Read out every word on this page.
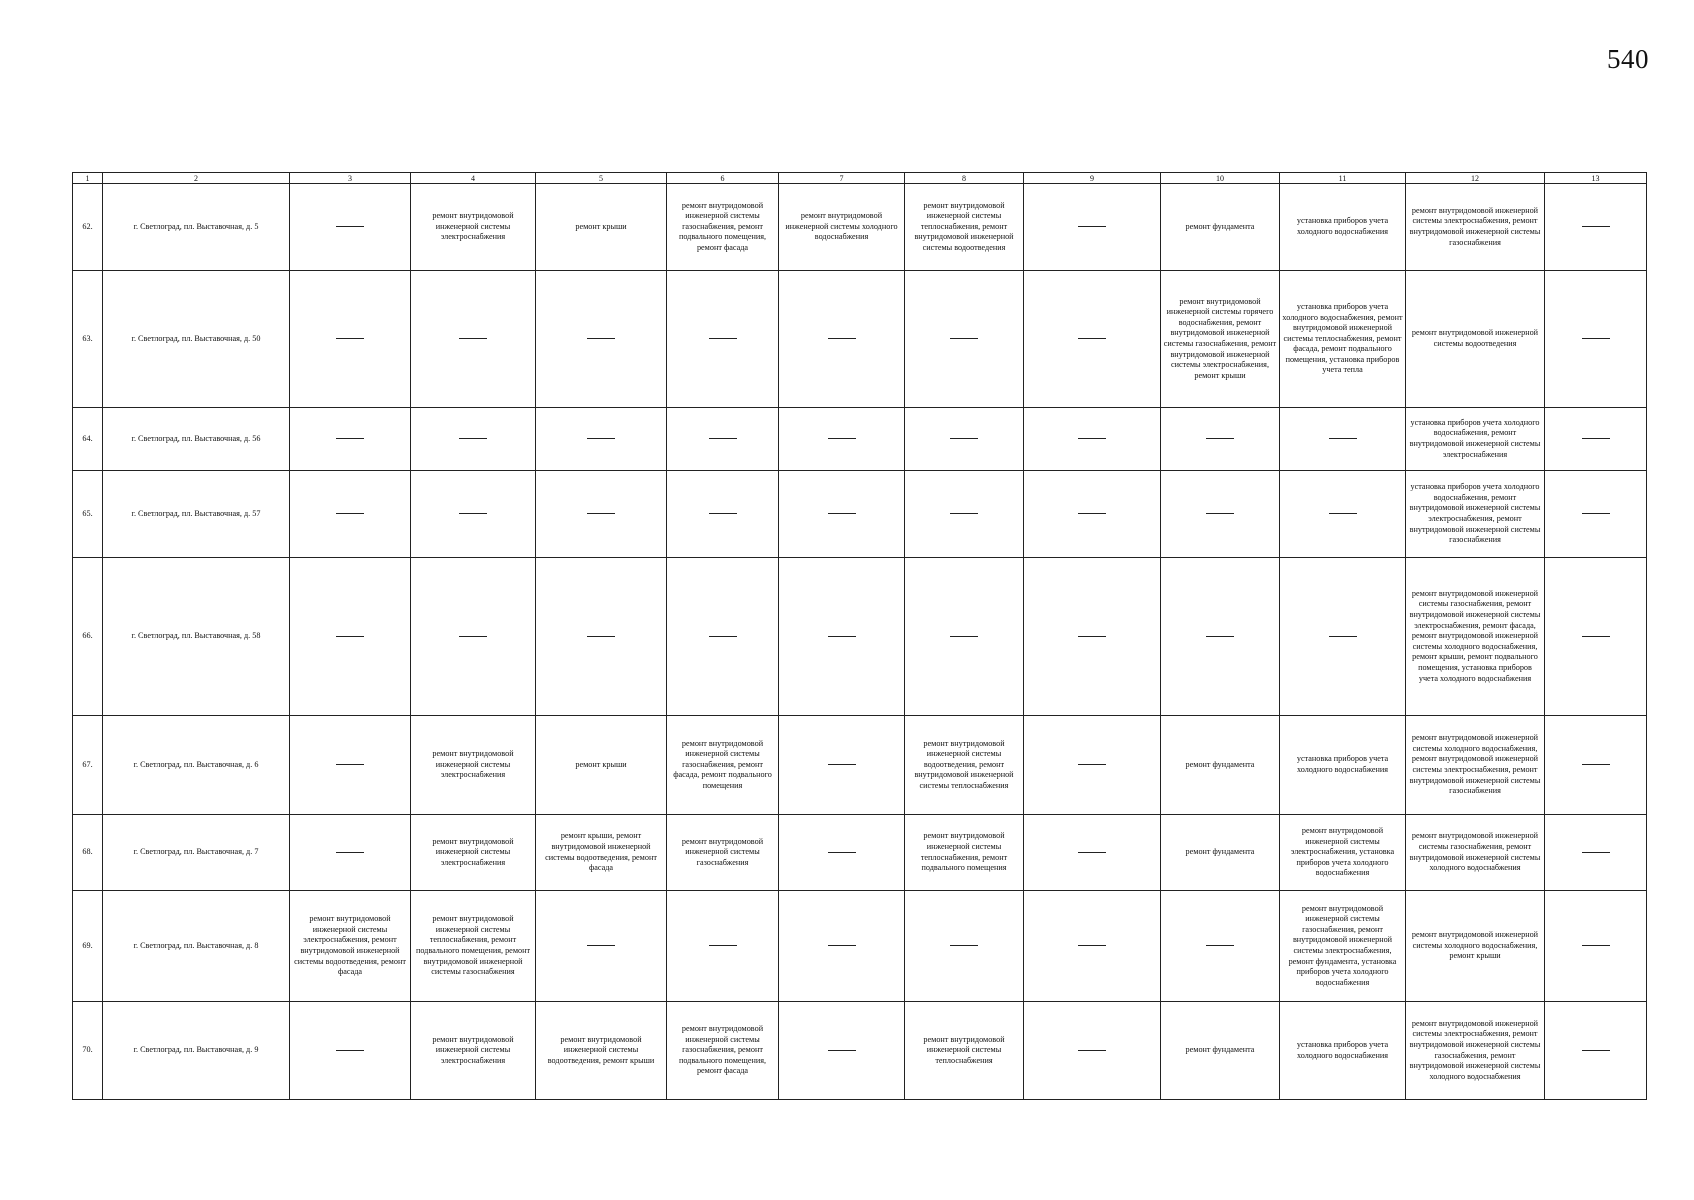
540
1	2	3	4	5	6	7	8	9	10	11	12	13
62.	г. Светлоград, пл. Выставочная, д. 5		ремонт внутридомовой инженерной системы электроснабжения	ремонт крыши	ремонт внутридомовой инженерной системы газоснабжения, ремонт подвального помещения, ремонт фасада	ремонт внутридомовой инженерной системы холодного водоснабжения	ремонт внутридомовой инженерной системы теплоснабжения, ремонт внутридомовой инженерной системы водоотведения		ремонт фундамента	установка приборов учета холодного водоснабжения	ремонт внутридомовой инженерной системы электроснабжения, ремонт внутридомовой инженерной системы газоснабжения	
63.	г. Светлоград, пл. Выставочная, д. 50								ремонт внутридомовой инженерной системы горячего водоснабжения, ремонт внутридомовой инженерной системы газоснабжения, ремонт внутридомовой инженерной системы электроснабжения, ремонт крыши	установка приборов учета холодного водоснабжения, ремонт внутридомовой инженерной системы теплоснабжения, ремонт фасада, ремонт подвального помещения, установка приборов учета тепла	ремонт внутридомовой инженерной системы водоотведения	
64.	г. Светлоград, пл. Выставочная, д. 56										установка приборов учета холодного водоснабжения, ремонт внутридомовой инженерной системы электроснабжения	
65.	г. Светлоград, пл. Выставочная, д. 57										установка приборов учета холодного водоснабжения, ремонт внутридомовой инженерной системы электроснабжения, ремонт внутридомовой инженерной системы газоснабжения	
66.	г. Светлоград, пл. Выставочная, д. 58										ремонт внутридомовой инженерной системы газоснабжения, ремонт внутридомовой инженерной системы электроснабжения, ремонт фасада, ремонт внутридомовой инженерной системы холодного водоснабжения, ремонт крыши, ремонт подвального помещения, установка приборов учета холодного водоснабжения	
67.	г. Светлоград, пл. Выставочная, д. 6		ремонт внутридомовой инженерной системы электроснабжения	ремонт крыши	ремонт внутридомовой инженерной системы газоснабжения, ремонт фасада, ремонт подвального помещения		ремонт внутридомовой инженерной системы водоотведения, ремонт внутридомовой инженерной системы теплоснабжения		ремонт фундамента	установка приборов учета холодного водоснабжения	ремонт внутридомовой инженерной системы холодного водоснабжения, ремонт внутридомовой инженерной системы электроснабжения, ремонт внутридомовой инженерной системы газоснабжения	
68.	г. Светлоград, пл. Выставочная, д. 7		ремонт внутридомовой инженерной системы электроснабжения	ремонт крыши, ремонт внутридомовой инженерной системы водоотведения, ремонт фасада	ремонт внутридомовой инженерной системы газоснабжения		ремонт внутридомовой инженерной системы теплоснабжения, ремонт подвального помещения		ремонт фундамента	ремонт внутридомовой инженерной системы электроснабжения, установка приборов учета холодного водоснабжения	ремонт внутридомовой инженерной системы газоснабжения, ремонт внутридомовой инженерной системы холодного водоснабжения	
69.	г. Светлоград, пл. Выставочная, д. 8	ремонт внутридомовой инженерной системы электроснабжения, ремонт внутридомовой инженерной системы водоотведения, ремонт фасада	ремонт внутридомовой инженерной системы теплоснабжения, ремонт подвального помещения, ремонт внутридомовой инженерной системы газоснабжения							ремонт внутридомовой инженерной системы газоснабжения, ремонт внутридомовой инженерной системы электроснабжения, ремонт фундамента, установка приборов учета холодного водоснабжения	ремонт внутридомовой инженерной системы холодного водоснабжения, ремонт крыши	
70.	г. Светлоград, пл. Выставочная, д. 9		ремонт внутридомовой инженерной системы электроснабжения	ремонт внутридомовой инженерной системы водоотведения, ремонт крыши	ремонт внутридомовой инженерной системы газоснабжения, ремонт подвального помещения, ремонт фасада		ремонт внутридомовой инженерной системы теплоснабжения		ремонт фундамента	установка приборов учета холодного водоснабжения	ремонт внутридомовой инженерной системы электроснабжения, ремонт внутридомовой инженерной системы газоснабжения, ремонт внутридомовой инженерной системы холодного водоснабжения	
